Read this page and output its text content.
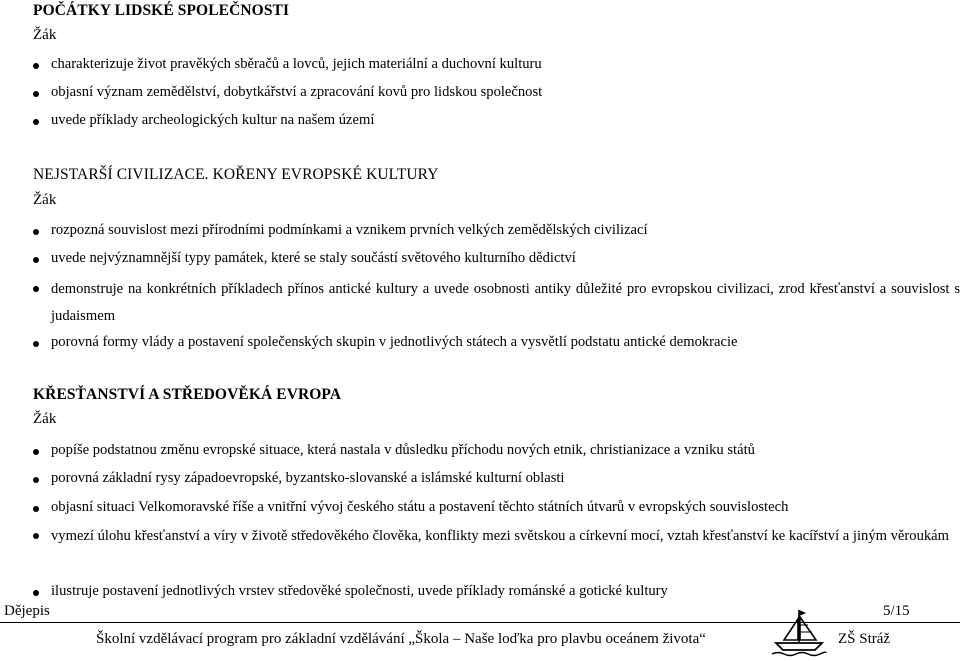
POČÁTKY LIDSKÉ SPOLEČNOSTI
Žák
charakterizuje život pravěkých sběračů a lovců, jejich materiální a duchovní kulturu
objasní význam zemědělství, dobytkářství a zpracování kovů pro lidskou společnost
uvede příklady archeologických kultur na našem území
NEJSTARŠÍ CIVILIZACE. KOŘENY EVROPSKÉ KULTURY
Žák
rozpozná souvislost mezi přírodními podmínkami a vznikem prvních velkých zemědělských civilizací
uvede nejvýznamnější typy památek, které se staly součástí světového kulturního dědictví
demonstruje na konkrétních příkladech přínos antické kultury a uvede osobnosti antiky důležité pro evropskou civilizaci, zrod křesťanství a souvislost s judaismem
porovná formy vlády a postavení společenských skupin v jednotlivých státech a vysvětlí podstatu antické demokracie
KŘESŤANSTVÍ A STŘEDOVĚKÁ EVROPA
Žák
popíše podstatnou změnu evropské situace, která nastala v důsledku příchodu nových etnik, christianizace a vzniku států
porovná základní rysy západoevropské, byzantsko-slovanské a islámské kulturní oblasti
objasní situaci Velkomoravské říše a vnitřní vývoj českého státu a postavení těchto státních útvarů v evropských souvislostech
vymezí úlohu křesťanství a víry v životě středověkého člověka, konflikty mezi světskou a církevní mocí, vztah křesťanství ke kacířství a jiným věroukám
ilustruje postavení jednotlivých vrstev středověké společnosti, uvede příklady románské a gotické kultury
Dějepis	5/15
Školní vzdělávací program pro základní vzdělávání „Škola – Naše loďka pro plavbu oceánem života“	ZŠ Stráž
